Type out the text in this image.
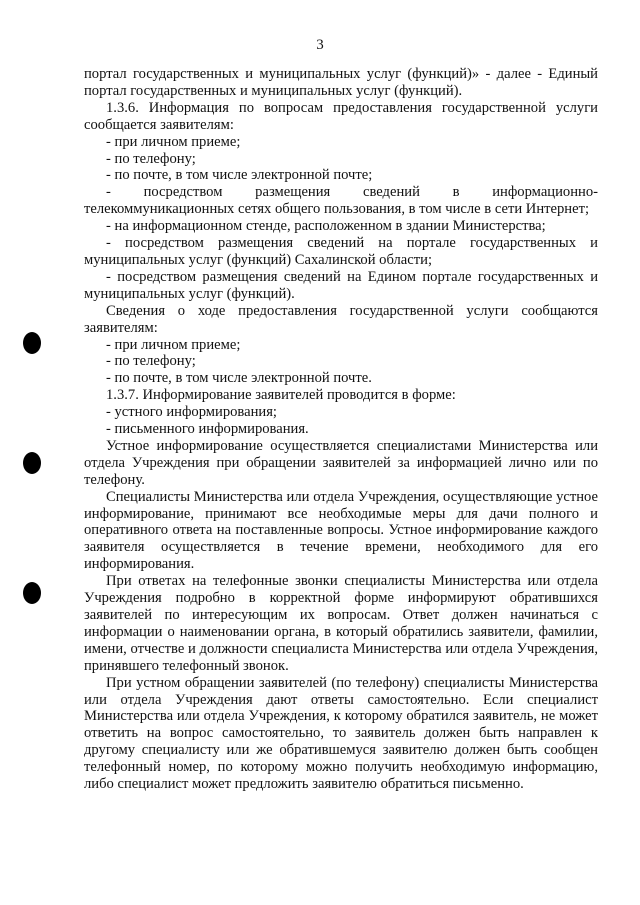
3

портал государственных и муниципальных услуг (функций)» - далее - Единый портал государственных и муниципальных услуг (функций).

1.3.6. Информация по вопросам предоставления государственной услуги сообщается заявителям:

- при личном приеме;

- по телефону;

- по почте, в том числе электронной почте;

- посредством размещения сведений в информационно-телекоммуникационных сетях общего пользования, в том числе в сети Интернет;

- на информационном стенде, расположенном в здании Министерства;

- посредством размещения сведений на портале государственных и муниципальных услуг (функций) Сахалинской области;

- посредством размещения сведений на Едином портале государственных и муниципальных услуг (функций).

Сведения о ходе предоставления государственной услуги сообщаются заявителям:

- при личном приеме;

- по телефону;

- по почте, в том числе электронной почте.

1.3.7. Информирование заявителей проводится в форме:

- устного информирования;

- письменного информирования.

Устное информирование осуществляется специалистами Министерства или отдела Учреждения при обращении заявителей за информацией лично или по телефону.

Специалисты Министерства или отдела Учреждения, осуществляющие устное информирование, принимают все необходимые меры для дачи полного и оперативного ответа на поставленные вопросы. Устное информирование каждого заявителя осуществляется в течение времени, необходимого для его информирования.

При ответах на телефонные звонки специалисты Министерства или отдела Учреждения подробно в корректной форме информируют обратившихся заявителей по интересующим их вопросам. Ответ должен начинаться с информации о наименовании органа, в который обратились заявители, фамилии, имени, отчестве и должности специалиста Министерства или отдела Учреждения, принявшего телефонный звонок.

При устном обращении заявителей (по телефону) специалисты Министерства или отдела Учреждения дают ответы самостоятельно. Если специалист Министерства или отдела Учреждения, к которому обратился заявитель, не может ответить на вопрос самостоятельно, то заявитель должен быть направлен к другому специалисту или же обратившемуся заявителю должен быть сообщен телефонный номер, по которому можно получить необходимую информацию, либо специалист может предложить заявителю обратиться письменно.
